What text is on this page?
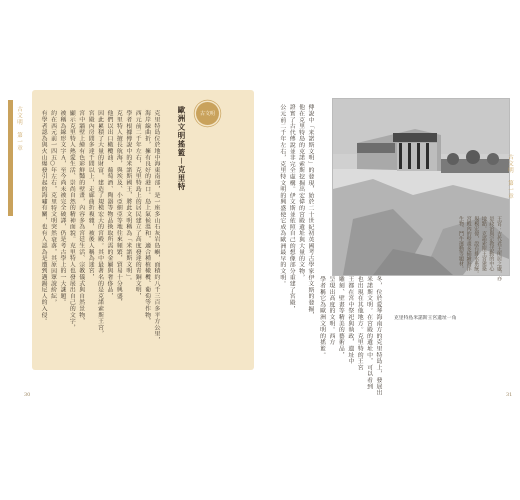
古文明　第一章	古文明
歐洲文明搖籃－克里特
克里特島位於地中海東南部，是一座多山石灰岩島嶼，面積約八千三百多平方公里，
海岸線曲折，擁有良好的港口。島上氣候溫和，適合種植橄欖、葡萄等作物，
西元前二千年左右，克里特島上的居民建立了高度發達的青銅文明，
學者根據傳說中的米諾斯國王，將此文明稱為「米諾斯文明」。
克里特人擅長航海，與埃及、小亞細亞等地往來頻繁，貿易十分興盛，
他們以出口橄欖油、葡萄酒、陶器等物品換取所需的金屬與奢侈品，
因此累積了大量的財富，建造了規模宏大的宮殿。其中最著名的是克諾索斯王宮，
宮殿內房間多達千間以上，走廊曲折複雜，被後人稱為迷宮，
宮中牆壁上繪有色彩鮮豔的壁畫，內容多為宮廷生活、宗教儀式與自然景物，
顯示克里特人熱愛生活、崇尚自然的精神面貌。克里特人也發展出自己的文字，
被稱為線形文字Ａ，至今尚未被完全破譯，仍是考古學上的一大謎題。
約在西元前一四五○年左右，克里特文明突然衰落，其原因眾說紛紜，
有學者認為與火山爆發引起的海嘯有關，也有人認為是遭到邁錫尼人的入侵。
30
克里特島米諾斯王宮遺址一角
傳說中「米諾斯文明」的發現，始於二十世紀初英國考古學家伊文斯的發掘，
他在克里特島的克諾索斯挖掘出宏偉的宮殿遺址與大量的文物，
證實了古代傳說並非完全虛構。伊文斯並依照自己的想像部分重建了宮殿，
公元前二千年左右，克里特文明的興盛使它成為歐洲最早的文明。
冬，位於愛琴海南方的克里特島上，發展出
米諾斯文明。在宮殿的遺址中，可以看到
也出現在其他地方。克里特的王宮
王都在宮中祭祀與執政，遺址中
雕刻、壁畫等精美的藝術品，
呈現出高度的文明。西方
學者稱它為歐洲文明的搖籃。
王宮：古代君王所居之處，亦
是政治與宗教活動的中心
地點。克諾索斯王宮建築
規模宏偉，設有排水系統。
宮殿內的壁畫多描繪海洋
生物、鬥牛運動等題材。
古文明　第一章
31
